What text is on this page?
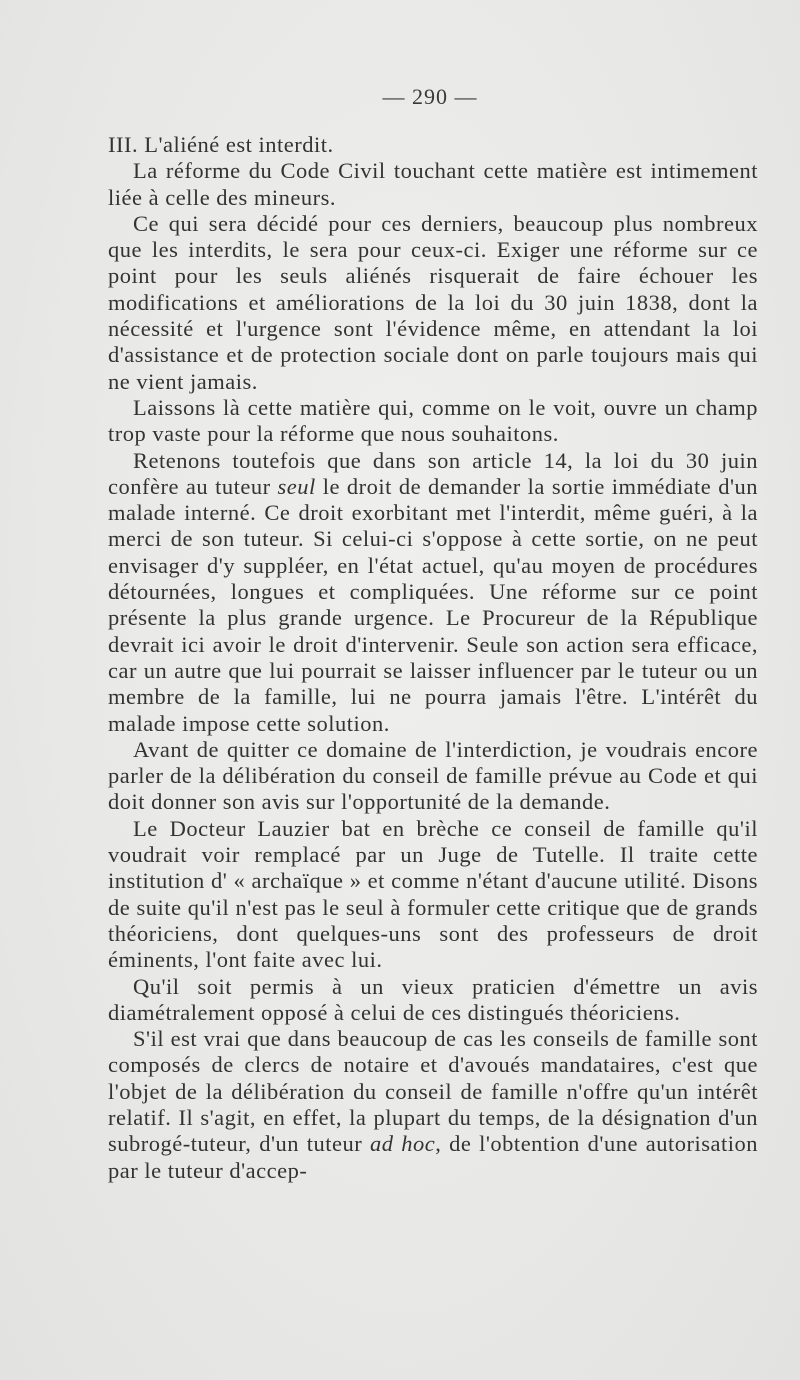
— 290 —

III. L'aliéné est interdit.

La réforme du Code Civil touchant cette matière est intimement liée à celle des mineurs.

Ce qui sera décidé pour ces derniers, beaucoup plus nombreux que les interdits, le sera pour ceux-ci. Exiger une réforme sur ce point pour les seuls aliénés risquerait de faire échouer les modifications et améliorations de la loi du 30 juin 1838, dont la nécessité et l'urgence sont l'évidence même, en attendant la loi d'assistance et de protection sociale dont on parle toujours mais qui ne vient jamais.

Laissons là cette matière qui, comme on le voit, ouvre un champ trop vaste pour la réforme que nous souhaitons.

Retenons toutefois que dans son article 14, la loi du 30 juin confère au tuteur seul le droit de demander la sortie immédiate d'un malade interné. Ce droit exorbitant met l'interdit, même guéri, à la merci de son tuteur. Si celui-ci s'oppose à cette sortie, on ne peut envisager d'y suppléer, en l'état actuel, qu'au moyen de procédures détournées, longues et compliquées. Une réforme sur ce point présente la plus grande urgence. Le Procureur de la République devrait ici avoir le droit d'intervenir. Seule son action sera efficace, car un autre que lui pourrait se laisser influencer par le tuteur ou un membre de la famille, lui ne pourra jamais l'être. L'intérêt du malade impose cette solution.

Avant de quitter ce domaine de l'interdiction, je voudrais encore parler de la délibération du conseil de famille prévue au Code et qui doit donner son avis sur l'opportunité de la demande.

Le Docteur Lauzier bat en brèche ce conseil de famille qu'il voudrait voir remplacé par un Juge de Tutelle. Il traite cette institution d' « archaïque » et comme n'étant d'aucune utilité. Disons de suite qu'il n'est pas le seul à formuler cette critique que de grands théoriciens, dont quelques-uns sont des professeurs de droit éminents, l'ont faite avec lui.

Qu'il soit permis à un vieux praticien d'émettre un avis diamétralement opposé à celui de ces distingués théoriciens.

S'il est vrai que dans beaucoup de cas les conseils de famille sont composés de clercs de notaire et d'avoués mandataires, c'est que l'objet de la délibération du conseil de famille n'offre qu'un intérêt relatif. Il s'agit, en effet, la plupart du temps, de la désignation d'un subrogé-tuteur, d'un tuteur ad hoc, de l'obtention d'une autorisation par le tuteur d'accep-
